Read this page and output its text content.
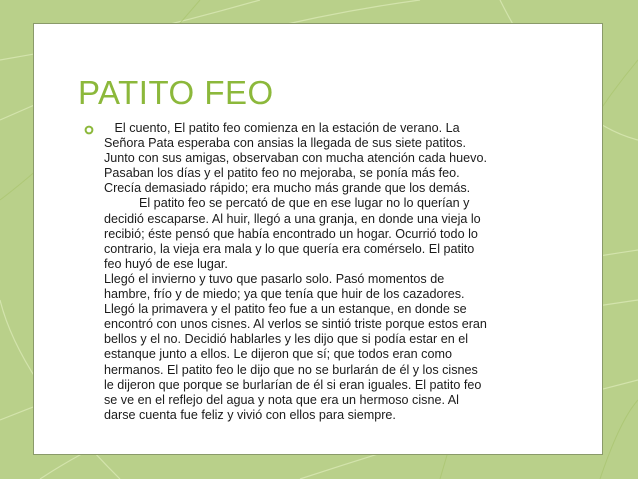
PATITO FEO
El cuento, El patito feo comienza en la estación de verano. La
Señora Pata esperaba con ansias la llegada de sus siete patitos.
Junto con sus amigas, observaban con mucha atención cada huevo.
Pasaban los días y el patito feo no mejoraba, se ponía más feo.
Crecía demasiado rápido; era mucho más grande que los demás.
El patito feo se percató de que en ese lugar no lo querían y
decidió escaparse. Al huir, llegó a una granja, en donde una vieja lo
recibió; éste pensó que había encontrado un hogar. Ocurrió todo lo
contrario, la vieja era mala y lo que quería era comérselo. El patito
feo huyó de ese lugar.
Llegó el invierno y tuvo que pasarlo solo. Pasó momentos de
hambre, frío y de miedo; ya que tenía que huir de los cazadores.
Llegó la primavera y el patito feo fue a un estanque, en donde se
encontró con unos cisnes. Al verlos se sintió triste porque estos eran
bellos y el no. Decidió hablarles y les dijo que si podía estar en el
estanque junto a ellos. Le dijeron que sí; que todos eran como
hermanos. El patito feo le dijo que no se burlarán de él y los cisnes
le dijeron que porque se burlarían de él si eran iguales. El patito feo
se ve en el reflejo del agua y nota que era un hermoso cisne. Al
darse cuenta fue feliz y vivió con ellos para siempre.
